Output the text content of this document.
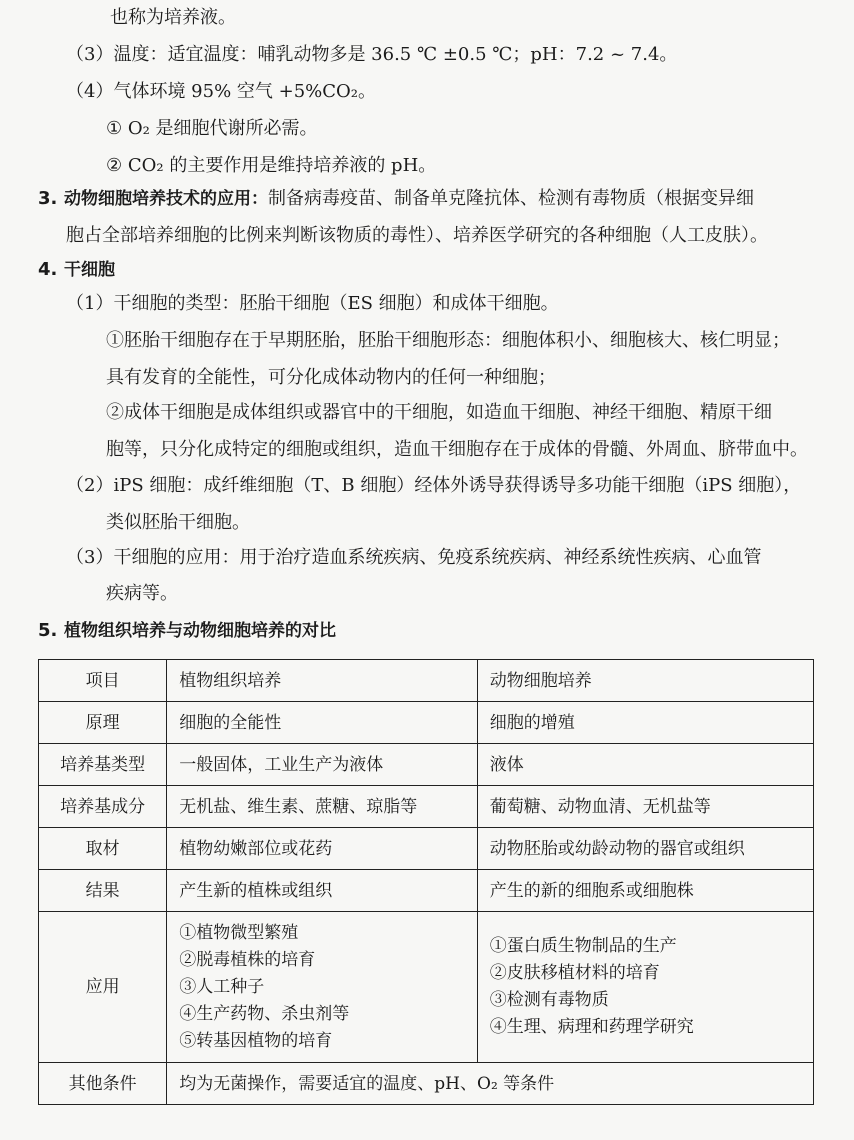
也称为培养液。
（3）温度：适宜温度：哺乳动物多是 36.5 ℃ ±0.5 ℃；pH：7.2 ~ 7.4。
（4）气体环境 95% 空气 +5%CO₂。
① O₂ 是细胞代谢所必需。
② CO₂ 的主要作用是维持培养液的 pH。
3. 动物细胞培养技术的应用：制备病毒疫苗、制备单克隆抗体、检测有毒物质（根据变异细
胞占全部培养细胞的比例来判断该物质的毒性）、培养医学研究的各种细胞（人工皮肤）。
4. 干细胞
（1）干细胞的类型：胚胎干细胞（ES 细胞）和成体干细胞。
①胚胎干细胞存在于早期胚胎，胚胎干细胞形态：细胞体积小、细胞核大、核仁明显；
具有发育的全能性，可分化成体动物内的任何一种细胞；
②成体干细胞是成体组织或器官中的干细胞，如造血干细胞、神经干细胞、精原干细
胞等，只分化成特定的细胞或组织，造血干细胞存在于成体的骨髓、外周血、脐带血中。
（2）iPS 细胞：成纤维细胞（T、B 细胞）经体外诱导获得诱导多功能干细胞（iPS 细胞），
类似胚胎干细胞。
（3）干细胞的应用：用于治疗造血系统疾病、免疫系统疾病、神经系统性疾病、心血管
疾病等。
5. 植物组织培养与动物细胞培养的对比
项目	植物组织培养	动物细胞培养
原理	细胞的全能性	细胞的增殖
培养基类型	一般固体，工业生产为液体	液体
培养基成分	无机盐、维生素、蔗糖、琼脂等	葡萄糖、动物血清、无机盐等
取材	植物幼嫩部位或花药	动物胚胎或幼龄动物的器官或组织
结果	产生新的植株或组织	产生的新的细胞系或细胞株
应用	①植物微型繁殖
②脱毒植株的培育
③人工种子
④生产药物、杀虫剂等
⑤转基因植物的培育	①蛋白质生物制品的生产
②皮肤移植材料的培育
③检测有毒物质
④生理、病理和药理学研究

其他条件	均为无菌操作，需要适宜的温度、pH、O₂ 等条件	
